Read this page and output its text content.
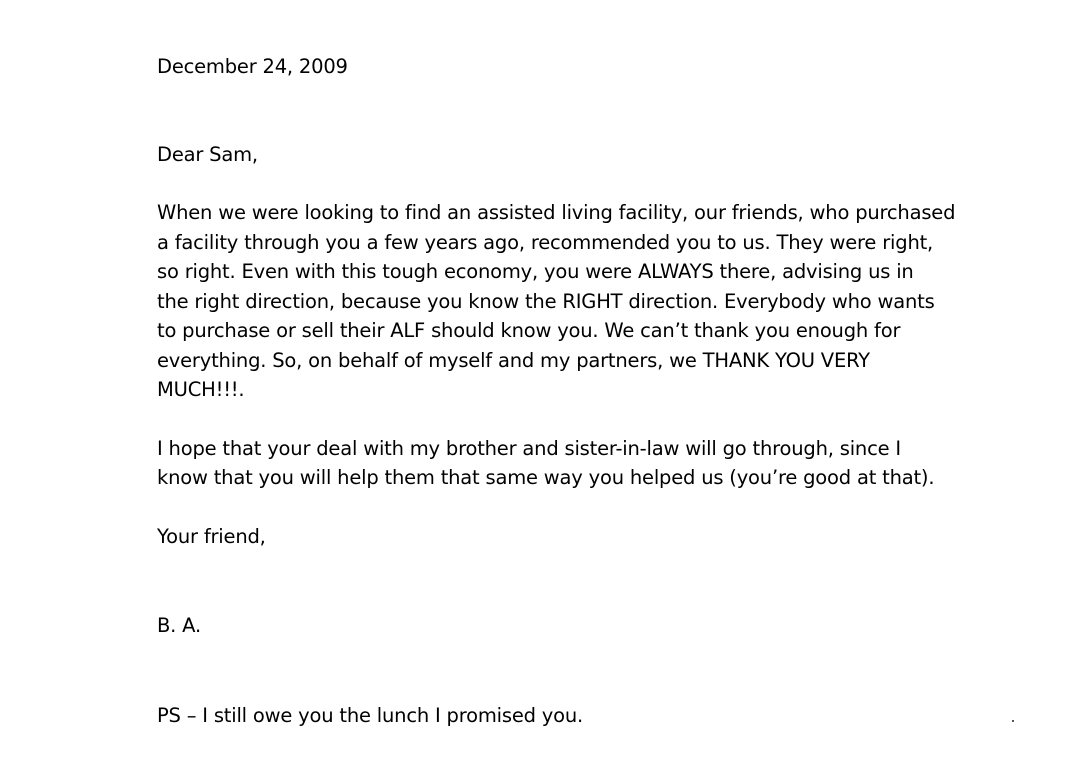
December 24, 2009

Dear Sam,

When we were looking to find an assisted living facility, our friends, who purchased

a facility through you a few years ago, recommended you to us. They were right,

so right. Even with this tough economy, you were ALWAYS there, advising us in

the right direction, because you know the RIGHT direction. Everybody who wants

to purchase or sell their ALF should know you. We can’t thank you enough for

everything. So, on behalf of myself and my partners, we THANK YOU VERY

MUCH!!!.

I hope that your deal with my brother and sister-in-law will go through, since I

know that you will help them that same way you helped us (you’re good at that).

Your friend,

B. A.

PS – I still owe you the lunch I promised you.
